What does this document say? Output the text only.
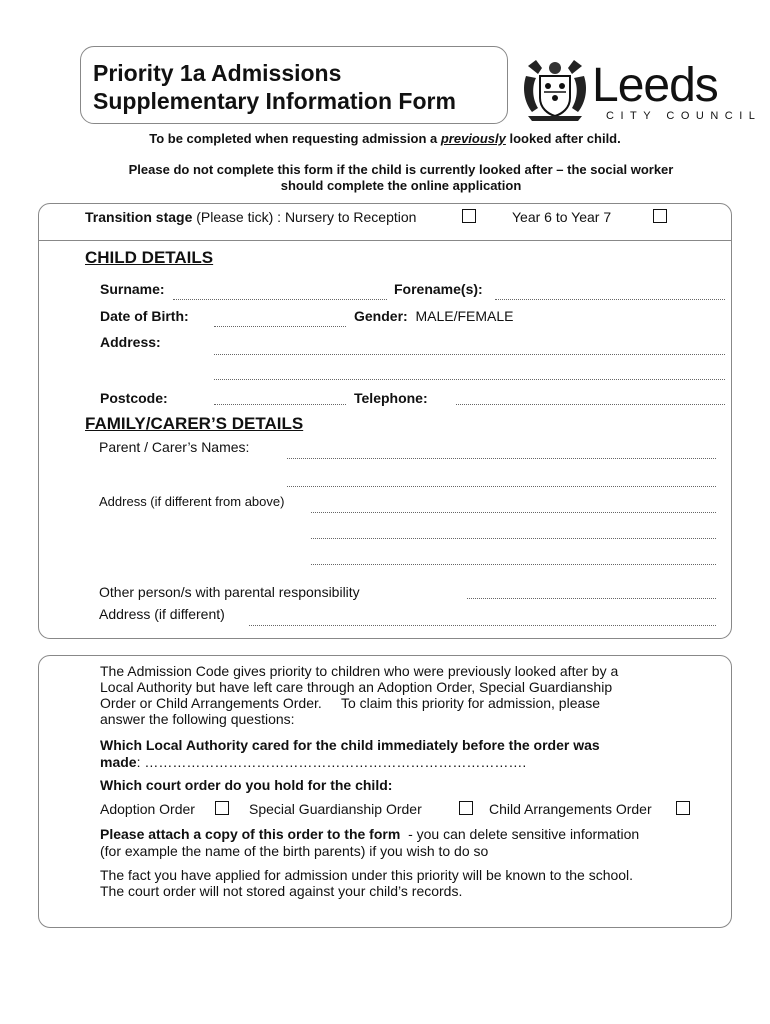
Priority 1a Admissions
Supplementary Information Form	Leeds
CITY COUNCIL
To be completed when requesting admission a previously looked after child.
Please do not complete this form if the child is currently looked after – the social worker
should complete the online application
Transition stage (Please tick) : Nursery to Reception	Year 6 to Year 7
CHILD DETAILS
Surname:	Forename(s):
Date of Birth:	Gender: MALE/FEMALE
Address:
Postcode:	Telephone:
FAMILY/CARER’S DETAILS
Parent / Carer’s Names:
Address (if different from above)
Other person/s with parental responsibility
Address (if different)
The Admission Code gives priority to children who were previously looked after by a
Local Authority but have left care through an Adoption Order, Special Guardianship
Order or Child Arrangements Order.     To claim this priority for admission, please
answer the following questions:
Which Local Authority cared for the child immediately before the order was
made: ……………………………………………………………………….
Which court order do you hold for the child:
Adoption Order	Special Guardianship Order	Child Arrangements Order
Please attach a copy of this order to the form  - you can delete sensitive information
(for example the name of the birth parents) if you wish to do so
The fact you have applied for admission under this priority will be known to the school.
The court order will not stored against your child’s records.
